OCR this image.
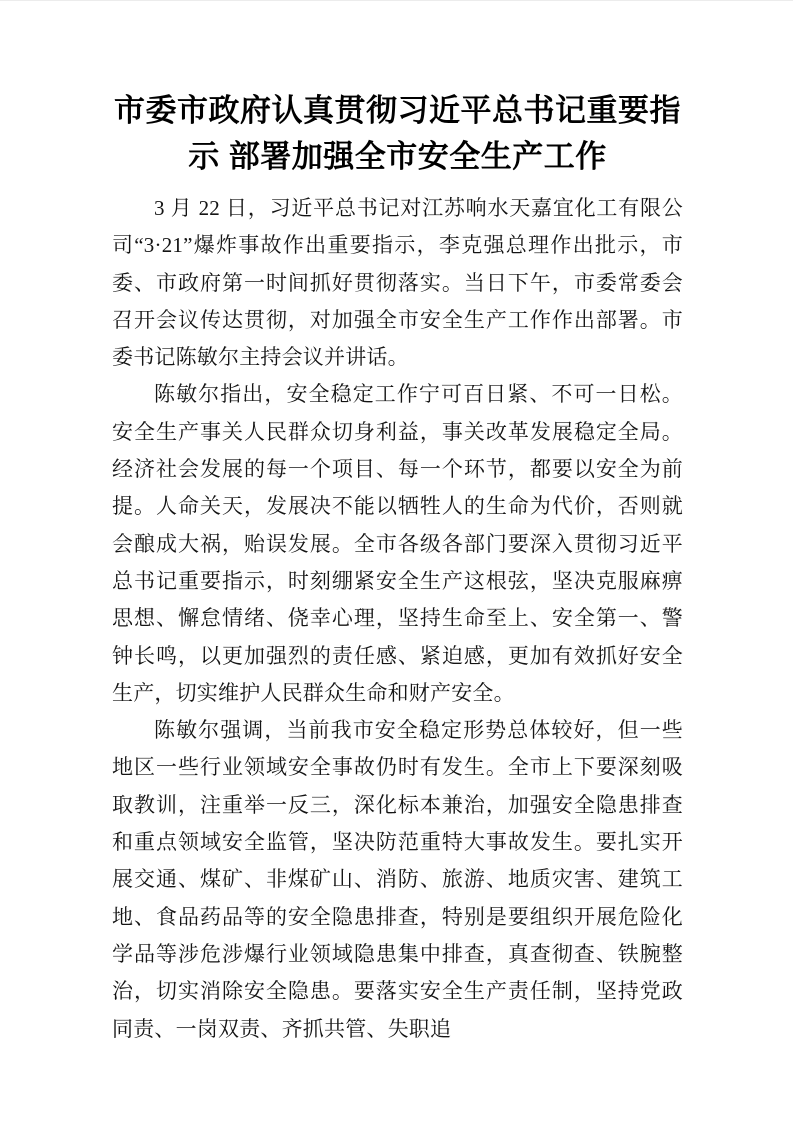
市委市政府认真贯彻习近平总书记重要指
示 部署加强全市安全生产工作

3 月 22 日，习近平总书记对江苏响水天嘉宜化工有限公司“3·21”爆炸事故作出重要指示，李克强总理作出批示，市委、市政府第一时间抓好贯彻落实。当日下午，市委常委会召开会议传达贯彻，对加强全市安全生产工作作出部署。市委书记陈敏尔主持会议并讲话。

陈敏尔指出，安全稳定工作宁可百日紧、不可一日松。安全生产事关人民群众切身利益，事关改革发展稳定全局。经济社会发展的每一个项目、每一个环节，都要以安全为前提。人命关天，发展决不能以牺牲人的生命为代价，否则就会酿成大祸，贻误发展。全市各级各部门要深入贯彻习近平总书记重要指示，时刻绷紧安全生产这根弦，坚决克服麻痹思想、懈怠情绪、侥幸心理，坚持生命至上、安全第一、警钟长鸣，以更加强烈的责任感、紧迫感，更加有效抓好安全生产，切实维护人民群众生命和财产安全。

陈敏尔强调，当前我市安全稳定形势总体较好，但一些地区一些行业领域安全事故仍时有发生。全市上下要深刻吸取教训，注重举一反三，深化标本兼治，加强安全隐患排查和重点领域安全监管，坚决防范重特大事故发生。要扎实开展交通、煤矿、非煤矿山、消防、旅游、地质灾害、建筑工地、食品药品等的安全隐患排查，特别是要组织开展危险化学品等涉危涉爆行业领域隐患集中排查，真查彻查、铁腕整治，切实消除安全隐患。要落实安全生产责任制，坚持党政同责、一岗双责、齐抓共管、失职追
